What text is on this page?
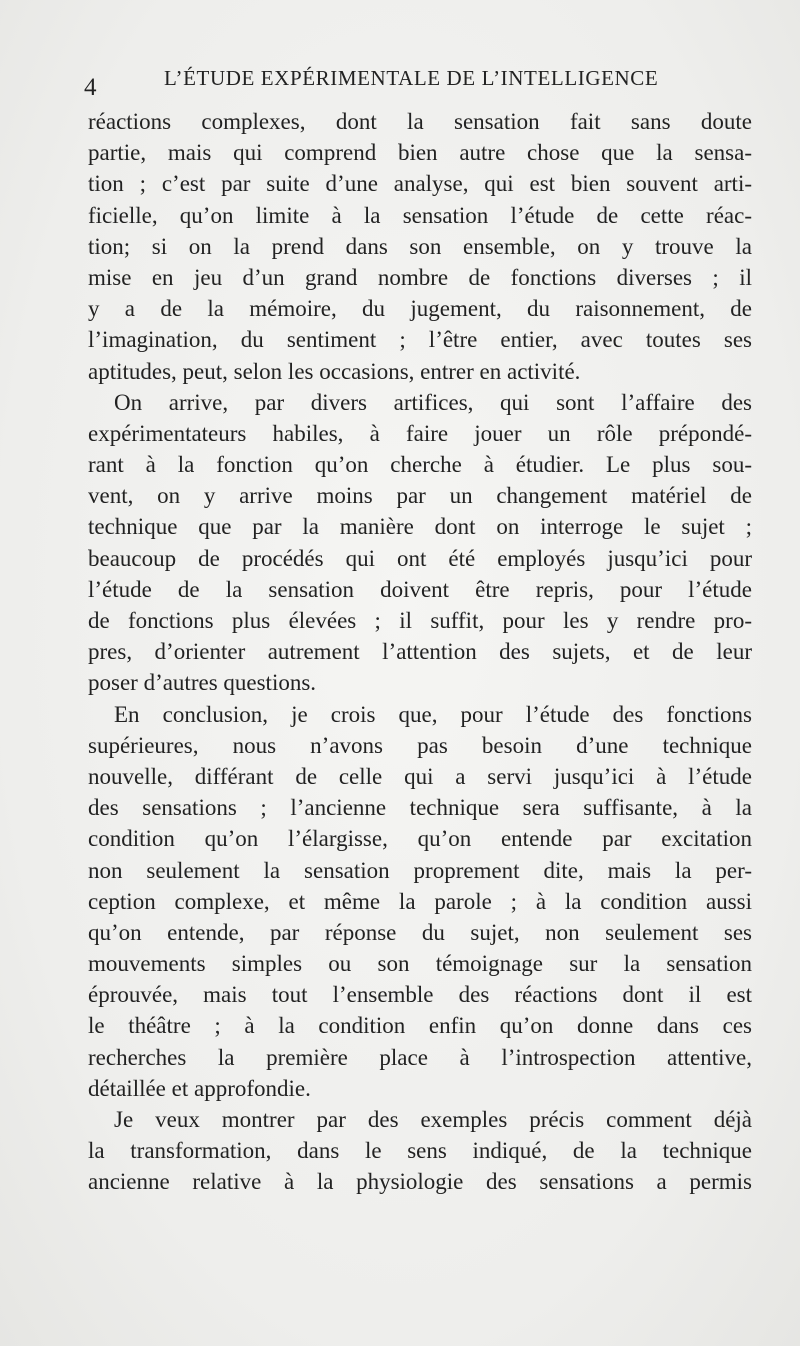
4	L’ÉTUDE EXPÉRIMENTALE DE L’INTELLIGENCE
réactions complexes, dont la sensation fait sans doute
partie, mais qui comprend bien autre chose que la sensa-
tion ; c’est par suite d’une analyse, qui est bien souvent arti-
ficielle, qu’on limite à la sensation l’étude de cette réac-
tion; si on la prend dans son ensemble, on y trouve la
mise en jeu d’un grand nombre de fonctions diverses ; il
y a de la mémoire, du jugement, du raisonnement, de
l’imagination, du sentiment ; l’être entier, avec toutes ses
aptitudes, peut, selon les occasions, entrer en activité.
On arrive, par divers artifices, qui sont l’affaire des
expérimentateurs habiles, à faire jouer un rôle prépondé-
rant à la fonction qu’on cherche à étudier. Le plus sou-
vent, on y arrive moins par un changement matériel de
technique que par la manière dont on interroge le sujet ;
beaucoup de procédés qui ont été employés jusqu’ici pour
l’étude de la sensation doivent être repris, pour l’étude
de fonctions plus élevées ; il suffit, pour les y rendre pro-
pres, d’orienter autrement l’attention des sujets, et de leur
poser d’autres questions.
En conclusion, je crois que, pour l’étude des fonctions
supérieures, nous n’avons pas besoin d’une technique
nouvelle, différant de celle qui a servi jusqu’ici à l’étude
des sensations ; l’ancienne technique sera suffisante, à la
condition qu’on l’élargisse, qu’on entende par excitation
non seulement la sensation proprement dite, mais la per-
ception complexe, et même la parole ; à la condition aussi
qu’on entende, par réponse du sujet, non seulement ses
mouvements simples ou son témoignage sur la sensation
éprouvée, mais tout l’ensemble des réactions dont il est
le théâtre ; à la condition enfin qu’on donne dans ces
recherches la première place à l’introspection attentive,
détaillée et approfondie.
Je veux montrer par des exemples précis comment déjà
la transformation, dans le sens indiqué, de la technique
ancienne relative à la physiologie des sensations a permis
